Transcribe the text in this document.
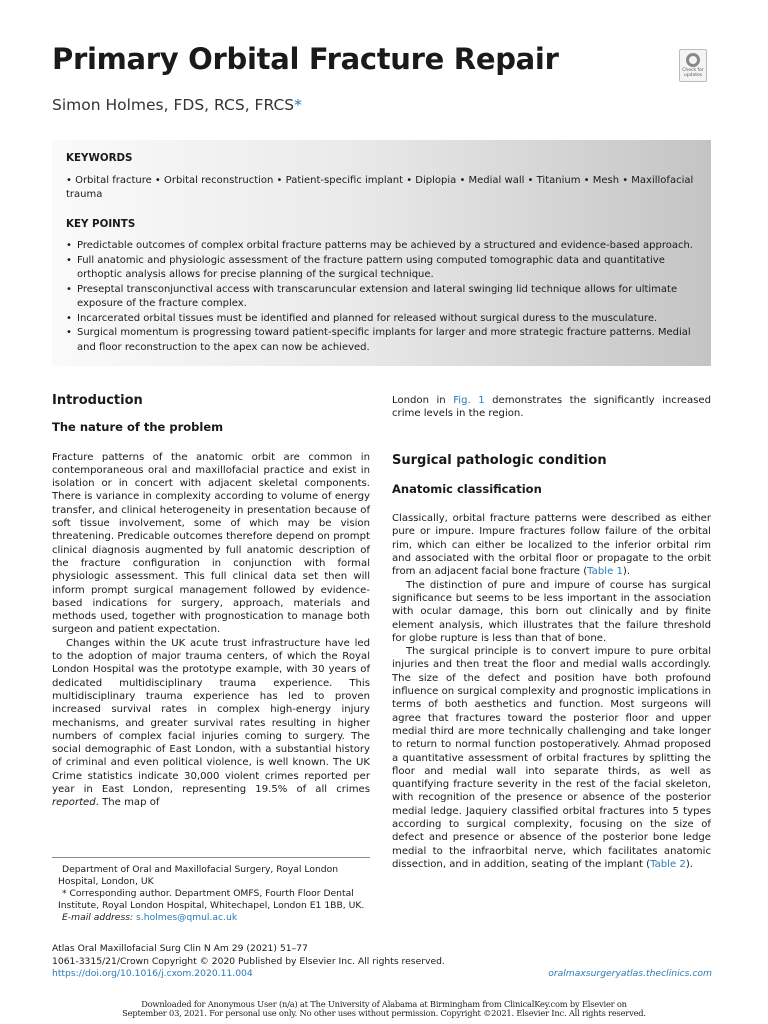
Primary Orbital Fracture Repair
Simon Holmes, FDS, RCS, FRCS*
Check for updates
KEYWORDS
• Orbital fracture • Orbital reconstruction • Patient-specific implant • Diplopia • Medial wall • Titanium • Mesh • Maxillofacial trauma
KEY POINTS
• Predictable outcomes of complex orbital fracture patterns may be achieved by a structured and evidence-based approach.
• Full anatomic and physiologic assessment of the fracture pattern using computed tomographic data and quantitative orthoptic analysis allows for precise planning of the surgical technique.
• Preseptal transconjunctival access with transcaruncular extension and lateral swinging lid technique allows for ultimate exposure of the fracture complex.
• Incarcerated orbital tissues must be identified and planned for released without surgical duress to the musculature.
• Surgical momentum is progressing toward patient-specific implants for larger and more strategic fracture patterns. Medial and floor reconstruction to the apex can now be achieved.
Introduction
The nature of the problem

Fracture patterns of the anatomic orbit are common in contemporaneous oral and maxillofacial practice and exist in isolation or in concert with adjacent skeletal components. There is variance in complexity according to volume of energy transfer, and clinical heterogeneity in presentation because of soft tissue involvement, some of which may be vision threatening. Predicable outcomes therefore depend on prompt clinical diagnosis augmented by full anatomic description of the fracture configuration in conjunction with formal physiologic assessment. This full clinical data set then will inform prompt surgical management followed by evidence-based indications for surgery, approach, materials and methods used, together with prognostication to manage both surgeon and patient expectation.

Changes within the UK acute trust infrastructure have led to the adoption of major trauma centers, of which the Royal London Hospital was the prototype example, with 30 years of dedicated multidisciplinary trauma experience. This multidisciplinary trauma experience has led to proven increased survival rates in complex high-energy injury mechanisms, and greater survival rates resulting in higher numbers of complex facial injuries coming to surgery. The social demographic of East London, with a substantial history of criminal and even political violence, is well known. The UK Crime statistics indicate 30,000 violent crimes reported per year in East London, representing 19.5% of all crimes reported. The map of

London in Fig. 1 demonstrates the significantly increased crime levels in the region.

Surgical pathologic condition
Anatomic classification

Classically, orbital fracture patterns were described as either pure or impure. Impure fractures follow failure of the orbital rim, which can either be localized to the inferior orbital rim and associated with the orbital floor or propagate to the orbit from an adjacent facial bone fracture (Table 1).

The distinction of pure and impure of course has surgical significance but seems to be less important in the association with ocular damage, this born out clinically and by finite element analysis, which illustrates that the failure threshold for globe rupture is less than that of bone.

The surgical principle is to convert impure to pure orbital injuries and then treat the floor and medial walls accordingly. The size of the defect and position have both profound influence on surgical complexity and prognostic implications in terms of both aesthetics and function. Most surgeons will agree that fractures toward the posterior floor and upper medial third are more technically challenging and take longer to return to normal function postoperatively. Ahmad proposed a quantitative assessment of orbital fractures by splitting the floor and medial wall into separate thirds, as well as quantifying fracture severity in the rest of the facial skeleton, with recognition of the presence or absence of the posterior medial ledge. Jaquiery classified orbital fractures into 5 types according to surgical complexity, focusing on the size of defect and presence or absence of the posterior bone ledge medial to the infraorbital nerve, which facilitates anatomic dissection, and in addition, seating of the implant (Table 2).

Department of Oral and Maxillofacial Surgery, Royal London Hospital, London, UK
* Corresponding author. Department OMFS, Fourth Floor Dental Institute, Royal London Hospital, Whitechapel, London E1 1BB, UK.
E-mail address: s.holmes@qmul.ac.uk
Atlas Oral Maxillofacial Surg Clin N Am 29 (2021) 51–77
1061-3315/21/Crown Copyright © 2020 Published by Elsevier Inc. All rights reserved.
https://doi.org/10.1016/j.cxom.2020.11.004	oralmaxsurgeryatlas.theclinics.com
Downloaded for Anonymous User (n/a) at The University of Alabama at Birmingham from ClinicalKey.com by Elsevier on
September 03, 2021. For personal use only. No other uses without permission. Copyright ©2021. Elsevier Inc. All rights reserved.
